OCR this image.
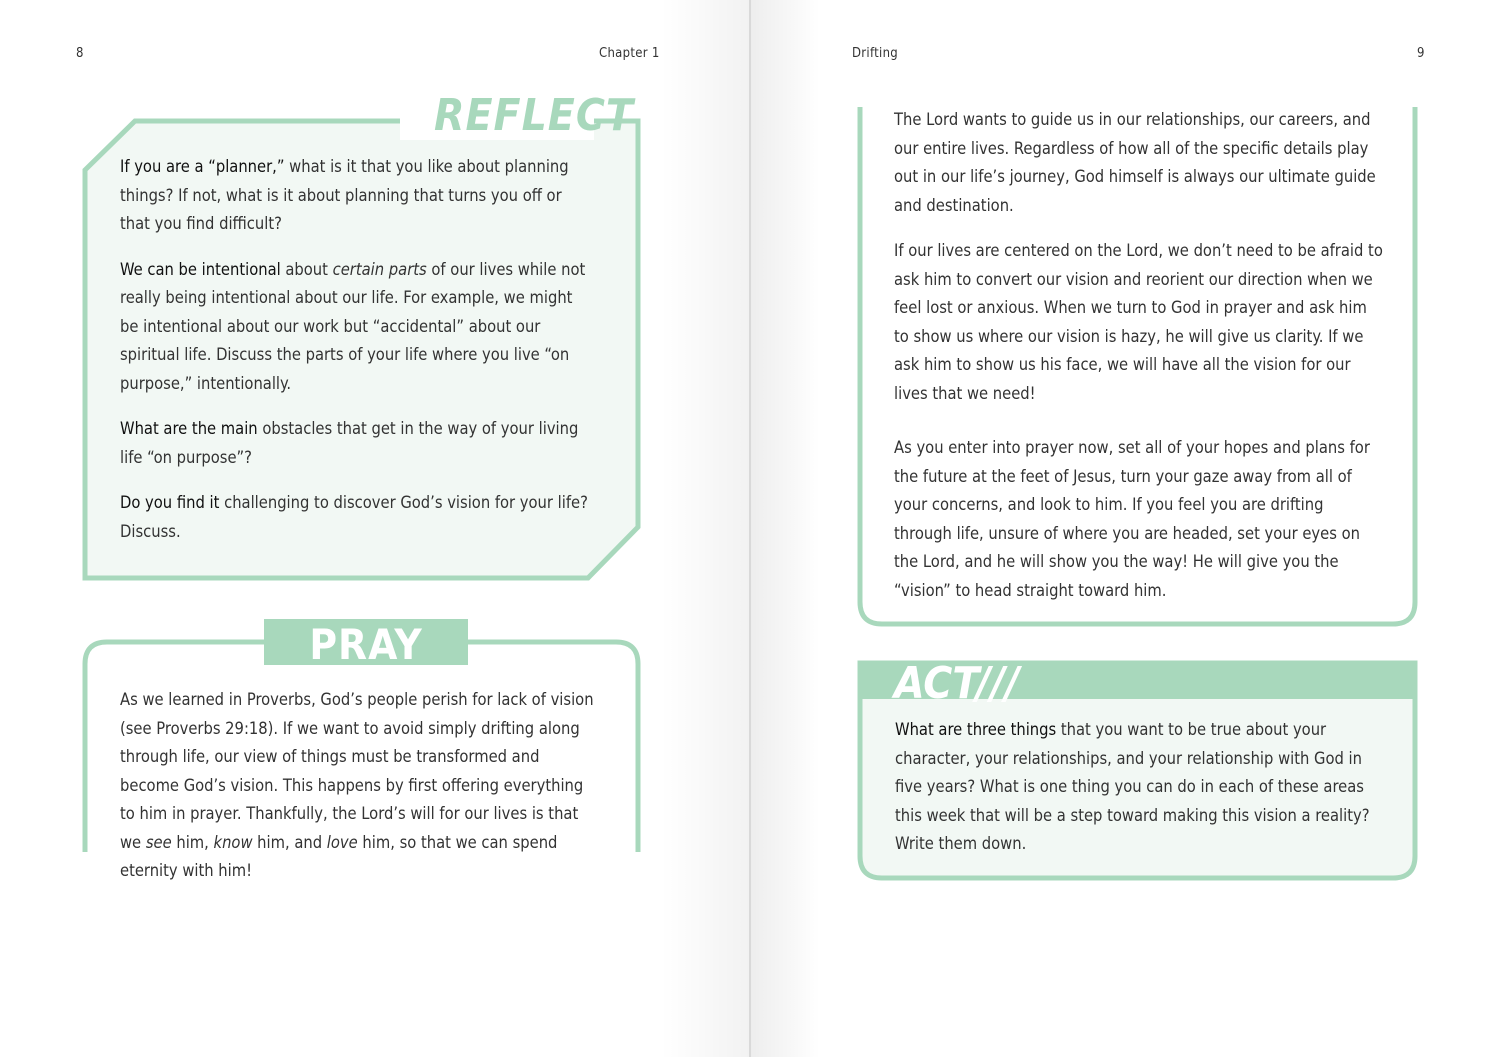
8	Chapter 1
REFLECT
PRAY

If you are a “planner,” what is it that you like about planning things? If not, what is it about planning that turns you off or that you find difficult?

We can be intentional about certain parts of our lives while not really being intentional about our life. For example, we might be intentional about our work but “accidental” about our spiritual life. Discuss the parts of your life where you live “on purpose,” intentionally.

What are the main obstacles that get in the way of your living life “on purpose”?

Do you find it challenging to discover God’s vision for your life? Discuss.

As we learned in Proverbs, God’s people perish for lack of vision (see Proverbs 29:18). If we want to avoid simply drifting along through life, our view of things must be transformed and become God’s vision. This happens by first offering everything to him in prayer. Thankfully, the Lord’s will for our lives is that we see him, know him, and love him, so that we can spend eternity with him!

Drifting	9
ACT
///

The Lord wants to guide us in our relationships, our careers, and our entire lives. Regardless of how all of the specific details play out in our life’s journey, God himself is always our ultimate guide and destination.

If our lives are centered on the Lord, we don’t need to be afraid to ask him to convert our vision and reorient our direction when we feel lost or anxious. When we turn to God in prayer and ask him to show us where our vision is hazy, he will give us clarity. If we ask him to show us his face, we will have all the vision for our lives that we need!

As you enter into prayer now, set all of your hopes and plans for the future at the feet of Jesus, turn your gaze away from all of your concerns, and look to him. If you feel you are drifting through life, unsure of where you are headed, set your eyes on the Lord, and he will show you the way! He will give you the “vision” to head straight toward him.

What are three things that you want to be true about your character, your relationships, and your relationship with God in five years? What is one thing you can do in each of these areas this week that will be a step toward making this vision a reality? Write them down.
